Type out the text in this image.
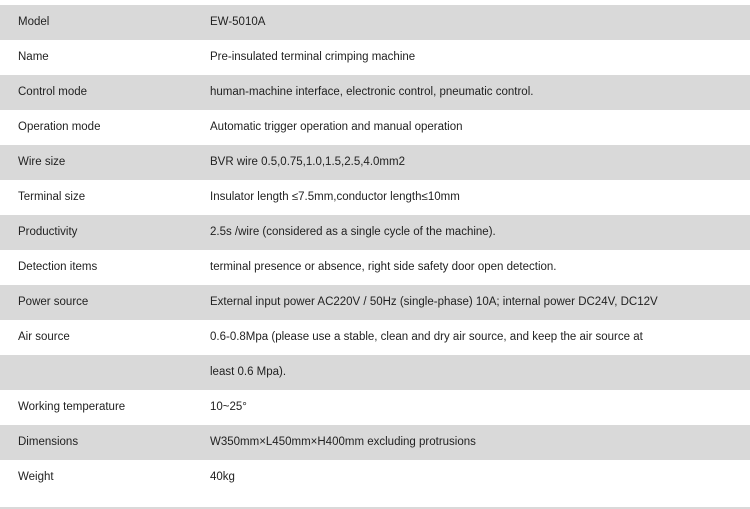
Model	EW-5010A
Name	Pre-insulated terminal crimping machine
Control mode	human-machine interface, electronic control, pneumatic control.
Operation mode	Automatic trigger operation and manual operation
Wire size	BVR wire 0.5,0.75,1.0,1.5,2.5,4.0mm2
Terminal size	Insulator length ≤7.5mm,conductor length≤10mm
Productivity	2.5s /wire (considered as a single cycle of the machine).
Detection items	terminal presence or absence, right side safety door open detection.
Power source	External input power AC220V / 50Hz (single-phase) 10A; internal power DC24V, DC12V
Air source	0.6-0.8Mpa (please use a stable, clean and dry air source, and keep the air source at
least 0.6 Mpa).
Working temperature	10~25°
Dimensions	W350mm×L450mm×H400mm excluding protrusions
Weight	40kg
